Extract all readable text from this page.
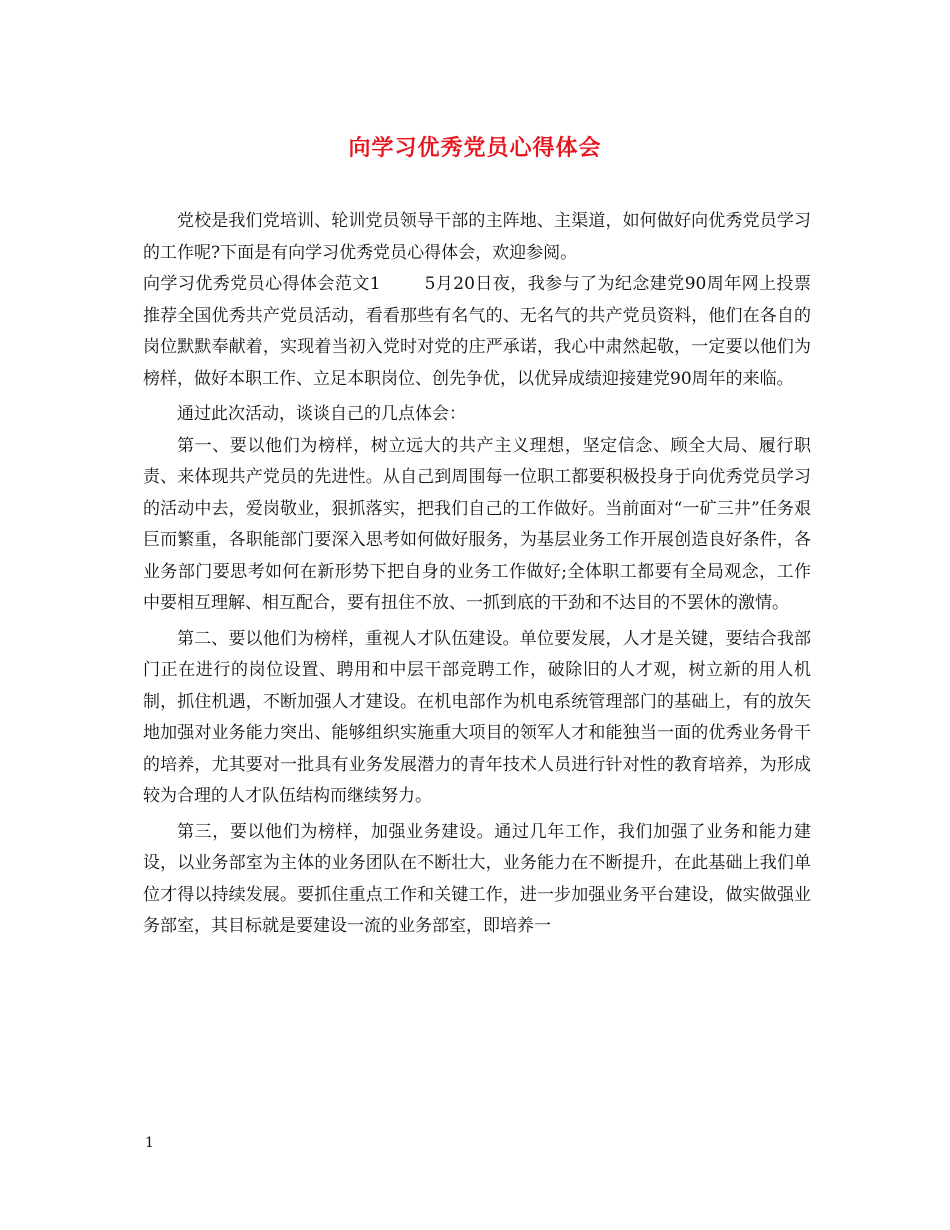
向学习优秀党员心得体会

党校是我们党培训、轮训党员领导干部的主阵地、主渠道，如何做好向优秀党员学习的工作呢?下面是有向学习优秀党员心得体会，欢迎参阅。

向学习优秀党员心得体会范文1	5月20日夜，我参与了为纪念建党90周年网上投票推荐全国优秀共产党员活动，看看那些有名气的、无名气的共产党员资料，他们在各自的岗位默默奉献着，实现着当初入党时对党的庄严承诺，我心中肃然起敬，一定要以他们为榜样，做好本职工作、立足本职岗位、创先争优，以优异成绩迎接建党90周年的来临。

通过此次活动，谈谈自己的几点体会：

第一、要以他们为榜样，树立远大的共产主义理想，坚定信念、顾全大局、履行职责、来体现共产党员的先进性。从自己到周围每一位职工都要积极投身于向优秀党员学习的活动中去，爱岗敬业，狠抓落实，把我们自己的工作做好。当前面对“一矿三井”任务艰巨而繁重，各职能部门要深入思考如何做好服务，为基层业务工作开展创造良好条件，各业务部门要思考如何在新形势下把自身的业务工作做好;全体职工都要有全局观念，工作中要相互理解、相互配合，要有扭住不放、一抓到底的干劲和不达目的不罢休的激情。

第二、要以他们为榜样，重视人才队伍建设。单位要发展，人才是关键，要结合我部门正在进行的岗位设置、聘用和中层干部竞聘工作，破除旧的人才观，树立新的用人机制，抓住机遇，不断加强人才建设。在机电部作为机电系统管理部门的基础上，有的放矢地加强对业务能力突出、能够组织实施重大项目的领军人才和能独当一面的优秀业务骨干的培养，尤其要对一批具有业务发展潜力的青年技术人员进行针对性的教育培养，为形成较为合理的人才队伍结构而继续努力。

第三，要以他们为榜样，加强业务建设。通过几年工作，我们加强了业务和能力建设，以业务部室为主体的业务团队在不断壮大，业务能力在不断提升，在此基础上我们单位才得以持续发展。要抓住重点工作和关键工作，进一步加强业务平台建设，做实做强业务部室，其目标就是要建设一流的业务部室，即培养一

1
